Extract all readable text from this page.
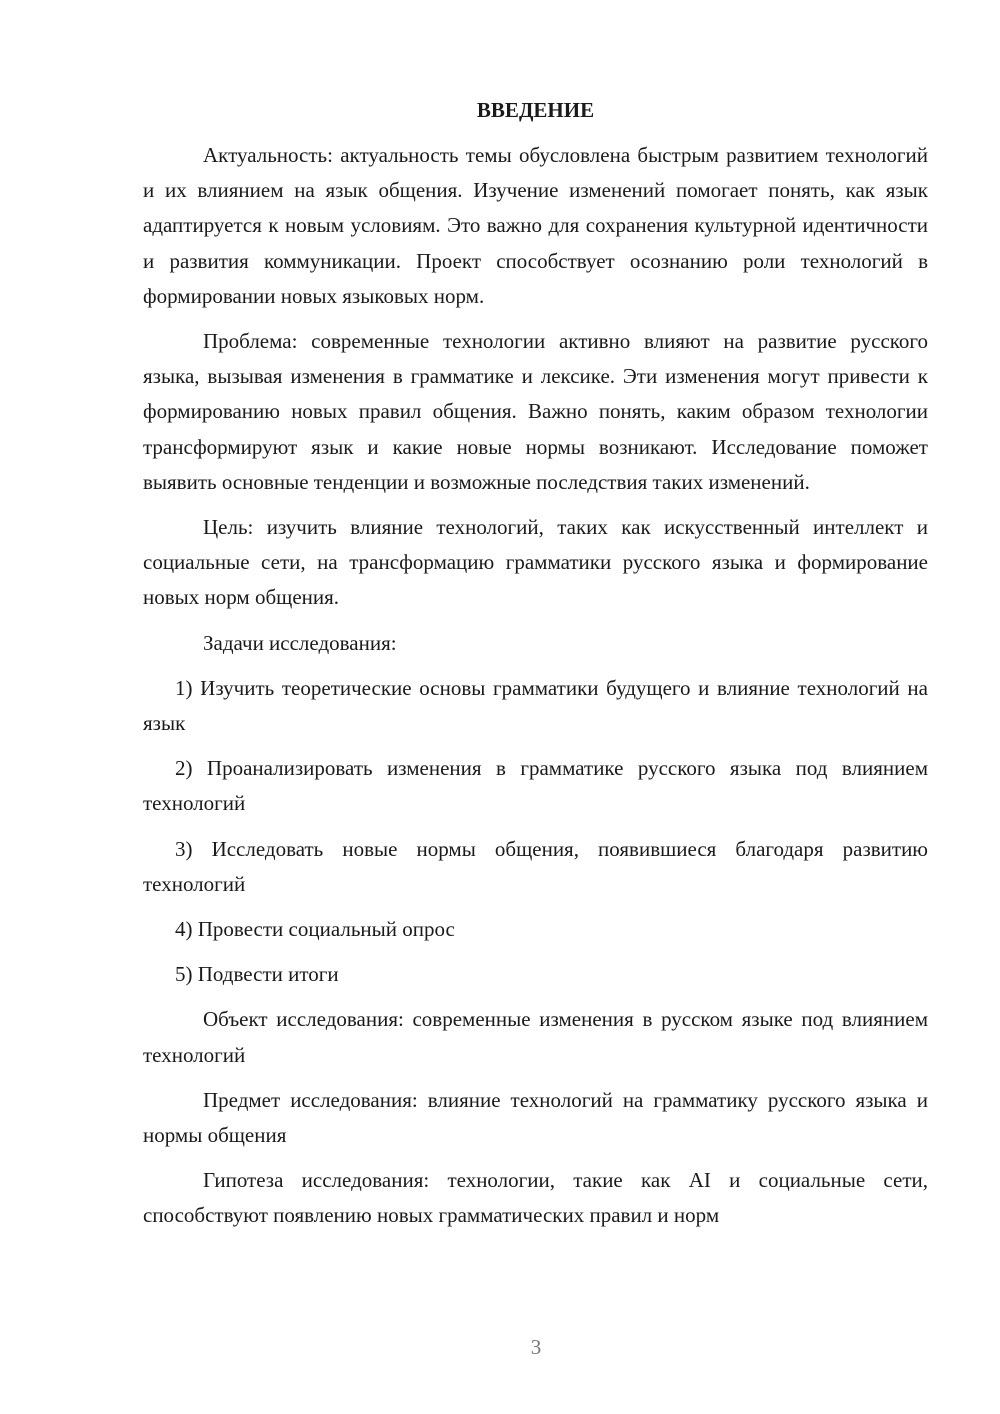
ВВЕДЕНИЕ

Актуальность: актуальность темы обусловлена быстрым развитием технологий и их влиянием на язык общения. Изучение изменений помогает понять, как язык адаптируется к новым условиям. Это важно для сохранения культурной идентичности и развития коммуникации. Проект способствует осознанию роли технологий в формировании новых языковых норм.

Проблема: современные технологии активно влияют на развитие русского языка, вызывая изменения в грамматике и лексике. Эти изменения могут привести к формированию новых правил общения. Важно понять, каким образом технологии трансформируют язык и какие новые нормы возникают. Исследование поможет выявить основные тенденции и возможные последствия таких изменений.

Цель: изучить влияние технологий, таких как искусственный интеллект и социальные сети, на трансформацию грамматики русского языка и формирование новых норм общения.

Задачи исследования:

1) Изучить теоретические основы грамматики будущего и влияние технологий на язык

2) Проанализировать изменения в грамматике русского языка под влиянием технологий

3) Исследовать новые нормы общения, появившиеся благодаря развитию технологий

4) Провести социальный опрос

5) Подвести итоги

Объект исследования: современные изменения в русском языке под влиянием технологий

Предмет исследования: влияние технологий на грамматику русского языка и нормы общения

Гипотеза исследования: технологии, такие как AI и социальные сети, способствуют появлению новых грамматических правил и норм

3
